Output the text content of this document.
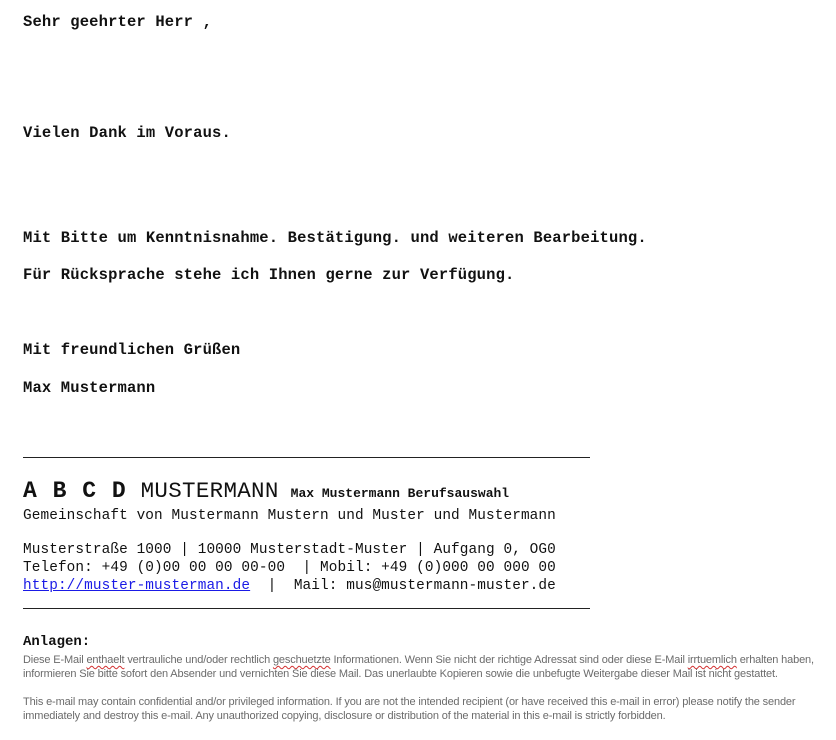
Sehr geehrter Herr ,
Vielen Dank im Voraus.
Mit Bitte um Kenntnisnahme. Bestätigung. und weiteren Bearbeitung.
Für Rücksprache stehe ich Ihnen gerne zur Verfügung.
Mit freundlichen Grüßen
Max Mustermann
A B C D MUSTERMANN Max Mustermann Berufsauswahl
Gemeinschaft von Mustermann Mustern und Muster und Mustermann
Musterstraße 1000 | 10000 Musterstadt-Muster | Aufgang 0, OG0
Telefon: +49 (0)00 00 00 00-00  | Mobil: +49 (0)000 00 000 00
http://muster-musterman.de  |  Mail: mus@mustermann-muster.de
Anlagen:
Diese E-Mail enthaelt vertrauliche und/oder rechtlich geschuetzte Informationen. Wenn Sie nicht der richtige Adressat sind oder diese E-Mail irrtuemlich erhalten haben, informieren Sie bitte sofort den Absender und vernichten Sie diese Mail. Das unerlaubte Kopieren sowie die unbefugte Weitergabe dieser Mail ist nicht gestattet.
This e-mail may contain confidential and/or privileged information. If you are not the intended recipient (or have received this e-mail in error) please notify the sender immediately and destroy this e-mail. Any unauthorized copying, disclosure or distribution of the material in this e-mail is strictly forbidden.
